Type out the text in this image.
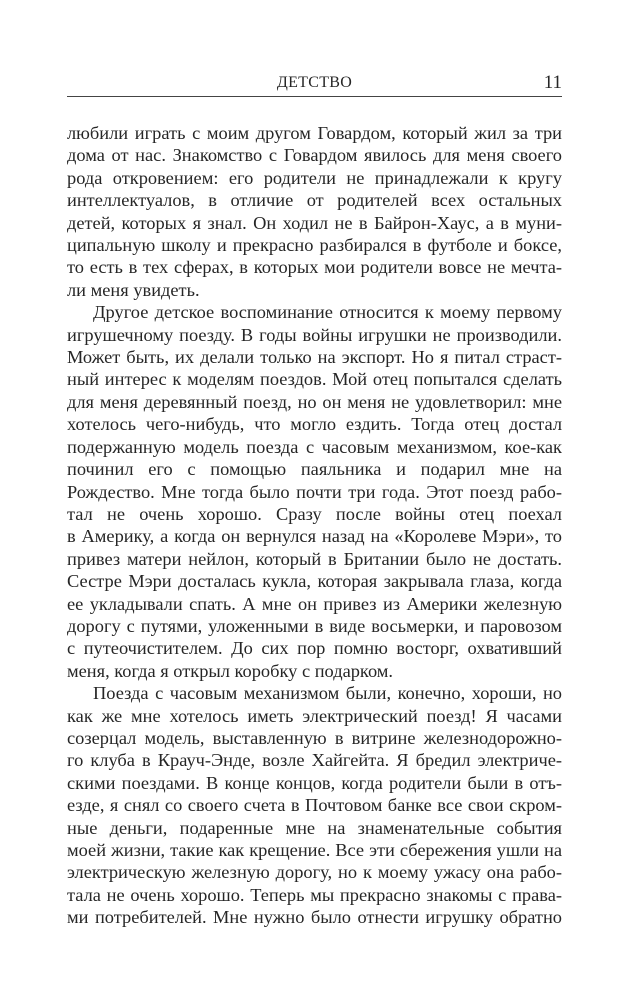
ДЕТСТВО	11
любили играть с моим другом Говардом, который жил за три
дома от нас. Знакомство с Говардом явилось для меня своего
рода откровением: его родители не принадлежали к кругу
интеллектуалов, в отличие от родителей всех остальных
детей, которых я знал. Он ходил не в Байрон-Хаус, а в муни-
ципальную школу и прекрасно разбирался в футболе и боксе,
то есть в тех сферах, в которых мои родители вовсе не мечта-
ли меня увидеть.
Другое детское воспоминание относится к моему первому
игрушечному поезду. В годы войны игрушки не производили.
Может быть, их делали только на экспорт. Но я питал страст-
ный интерес к моделям поездов. Мой отец попытался сделать
для меня деревянный поезд, но он меня не удовлетворил: мне
хотелось чего-нибудь, что могло ездить. Тогда отец достал
подержанную модель поезда с часовым механизмом, кое-как
починил его с помощью паяльника и подарил мне на
Рождество. Мне тогда было почти три года. Этот поезд рабо-
тал не очень хорошо. Сразу после войны отец поехал
в Америку, а когда он вернулся назад на «Королеве Мэри», то
привез матери нейлон, который в Британии было не достать.
Сестре Мэри досталась кукла, которая закрывала глаза, когда
ее укладывали спать. А мне он привез из Америки железную
дорогу с путями, уложенными в виде восьмерки, и паровозом
с путеочистителем. До сих пор помню восторг, охвативший
меня, когда я открыл коробку с подарком.
Поезда с часовым механизмом были, конечно, хороши, но
как же мне хотелось иметь электрический поезд! Я часами
созерцал модель, выставленную в витрине железнодорожно-
го клуба в Крауч-Энде, возле Хайгейта. Я бредил электриче-
скими поездами. В конце концов, когда родители были в отъ-
езде, я снял со своего счета в Почтовом банке все свои скром-
ные деньги, подаренные мне на знаменательные события
моей жизни, такие как крещение. Все эти сбережения ушли на
электрическую железную дорогу, но к моему ужасу она рабо-
тала не очень хорошо. Теперь мы прекрасно знакомы с права-
ми потребителей. Мне нужно было отнести игрушку обратно
